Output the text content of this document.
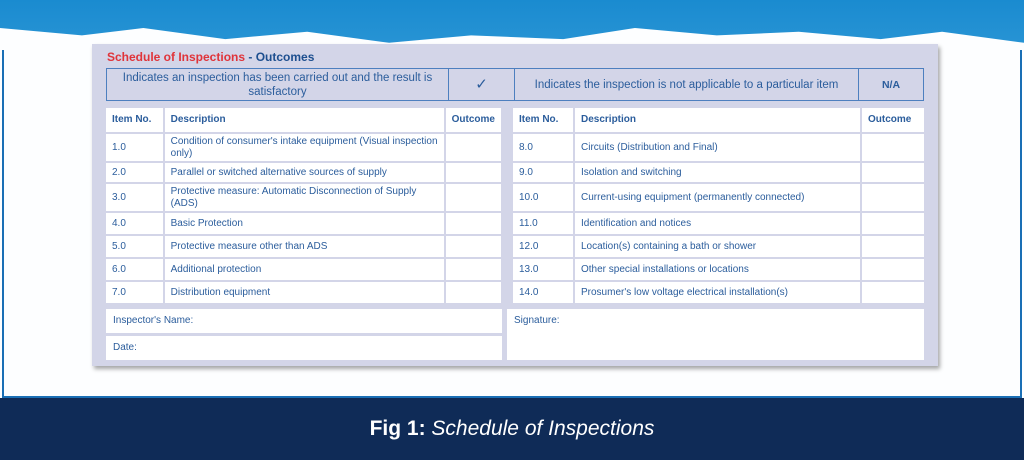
Schedule of Inspections - Outcomes
Indicates an inspection has been carried out and the result is satisfactory	✓	Indicates the inspection is not applicable to a particular item	N/A
Item No.	Description	Outcome
1.0	Condition of consumer's intake equipment (Visual inspection only)	
2.0	Parallel or switched alternative sources of supply	
3.0	Protective measure: Automatic Disconnection of Supply (ADS)	
4.0	Basic Protection	
5.0	Protective measure other than ADS	
6.0	Additional protection	
7.0	Distribution equipment	
Item No.	Description	Outcome
8.0	Circuits (Distribution and Final)	
9.0	Isolation and switching	
10.0	Current-using equipment (permanently connected)	
11.0	Identification and notices	
12.0	Location(s) containing a bath or shower	
13.0	Other special installations or locations	
14.0	Prosumer's low voltage electrical installation(s)	
Inspector's Name:
Date:
Signature:
Fig 1: Schedule of Inspections
